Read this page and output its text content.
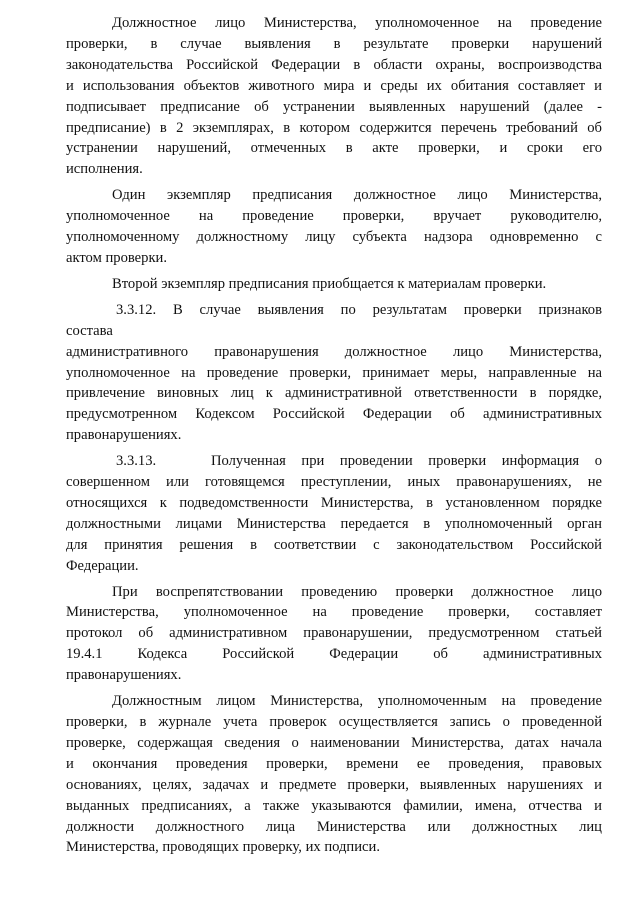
Должностное лицо Министерства, уполномоченное на проведение
проверки, в случае выявления в результате проверки нарушений
законодательства Российской Федерации в области охраны, воспроизводства
и использования объектов животного мира и среды их обитания составляет и
подписывает предписание об устранении выявленных нарушений (далее -
предписание) в 2 экземплярах, в котором содержится перечень требований об
устранении нарушений, отмеченных в акте проверки, и сроки его
исполнения.
Один экземпляр предписания должностное лицо Министерства,
уполномоченное на проведение проверки, вручает руководителю,
уполномоченному должностному лицу субъекта надзора одновременно с
актом проверки.
Второй экземпляр предписания приобщается к материалам проверки.
3.3.12. В случае выявления по результатам проверки признаков
состава
административного правонарушения должностное лицо Министерства,
уполномоченное на проведение проверки, принимает меры, направленные на
привлечение виновных лиц к административной ответственности в порядке,
предусмотренном Кодексом Российской Федерации об административных
правонарушениях.
3.3.13.	Полученная при проведении проверки информация о
совершенном или готовящемся преступлении, иных правонарушениях, не
относящихся к подведомственности Министерства, в установленном порядке
должностными лицами Министерства передается в уполномоченный орган
для принятия решения в соответствии с законодательством Российской
Федерации.
При воспрепятствовании проведению проверки должностное лицо
Министерства, уполномоченное на проведение проверки, составляет
протокол об административном правонарушении, предусмотренном статьей
19.4.1 Кодекса Российской Федерации об административных
правонарушениях.
Должностным лицом Министерства, уполномоченным на проведение
проверки, в журнале учета проверок осуществляется запись о проведенной
проверке, содержащая сведения о наименовании Министерства, датах начала
и окончания проведения проверки, времени ее проведения, правовых
основаниях, целях, задачах и предмете проверки, выявленных нарушениях и
выданных предписаниях, а также указываются фамилии, имена, отчества и
должности должностного лица Министерства или должностных лиц
Министерства, проводящих проверку, их подписи.
